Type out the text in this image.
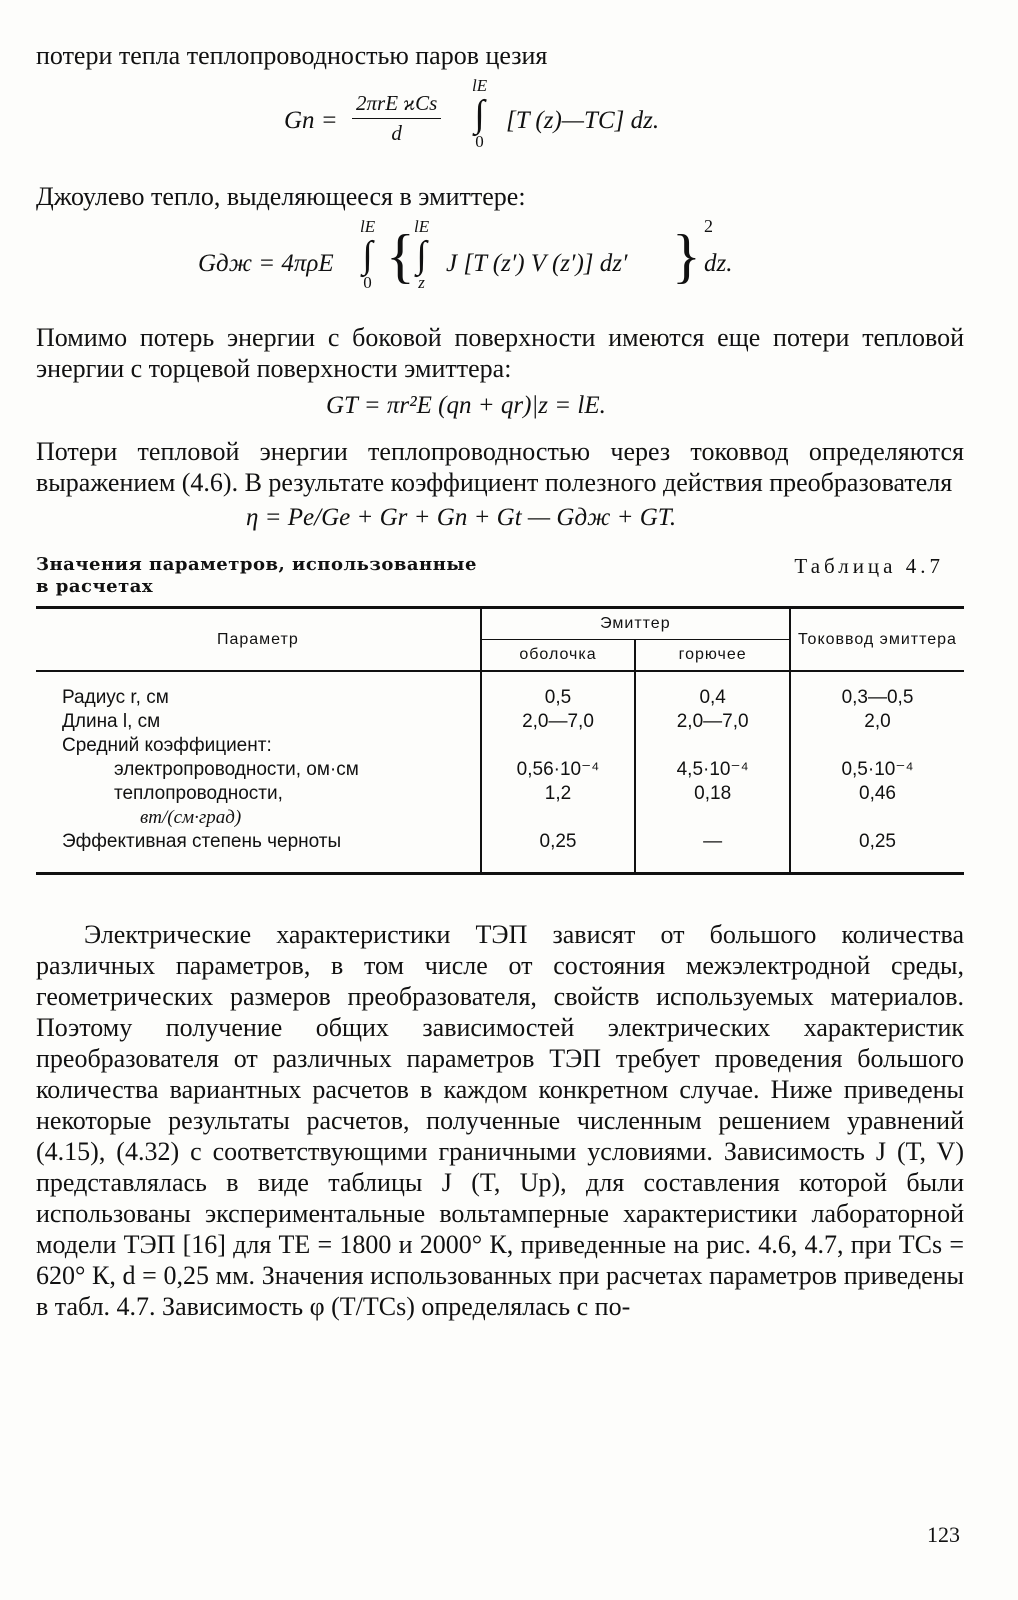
потери тепла теплопроводностью паров цезия

Gп =
2πrE ϰCs
d
lE
∫
0
[T (z)—TC] dz.

Джоулево тепло, выделяющееся в эмиттере:

Gдж = 4πρE
lE
∫
0 { lE
∫
z
J [T (z′) V (z′)] dz′ } 2
dz.

Помимо потерь энергии с боковой поверхности имеются еще потери тепловой энергии с торцевой поверхности эмиттера:

GT = πr²E (qп + qr)|z = lE.

Потери тепловой энергии теплопроводностью через токоввод определяются выражением (4.6). В результате коэффициент полезного действия преобразователя

η = Pe/Ge + Gr + Gп + Gt — Gдж + GT.
Значения параметров, использованные
в расчетах
Таблица 4.7
Параметр	Эмиттер		Токоввод эмиттера
	оболочка	горючее	

Радиус r, см	0,5	0,4	0,3—0,5
Длина l, см	2,0—7,0	2,0—7,0	2,0
Средний коэффициент:			
электропроводности, ом·см	0,56·10⁻⁴	4,5·10⁻⁴	0,5·10⁻⁴
теплопроводности,	1,2	0,18	0,46
вт/(см·град)			
Эффективная степень черноты	0,25	—	0,25

Электрические характеристики ТЭП зависят от большого количества различных параметров, в том числе от состояния межэлектродной среды, геометрических размеров преобразователя, свойств используемых материалов. Поэтому получение общих зависимостей электрических характеристик преобразователя от различных параметров ТЭП требует проведения большого количества вариантных расчетов в каждом конкретном случае. Ниже приведены некоторые результаты расчетов, полученные численным решением уравнений (4.15), (4.32) с соответствующими граничными условиями. Зависимость J (T, V) представлялась в виде таблицы J (T, Up), для составления которой были использованы экспериментальные вольтамперные характеристики лабораторной модели ТЭП [16] для TE = 1800 и 2000° К, приведенные на рис. 4.6, 4.7, при TCs = 620° К, d = 0,25 мм. Значения использованных при расчетах параметров приведены в табл. 4.7. Зависимость φ (T/TCs) определялась с по-

123
